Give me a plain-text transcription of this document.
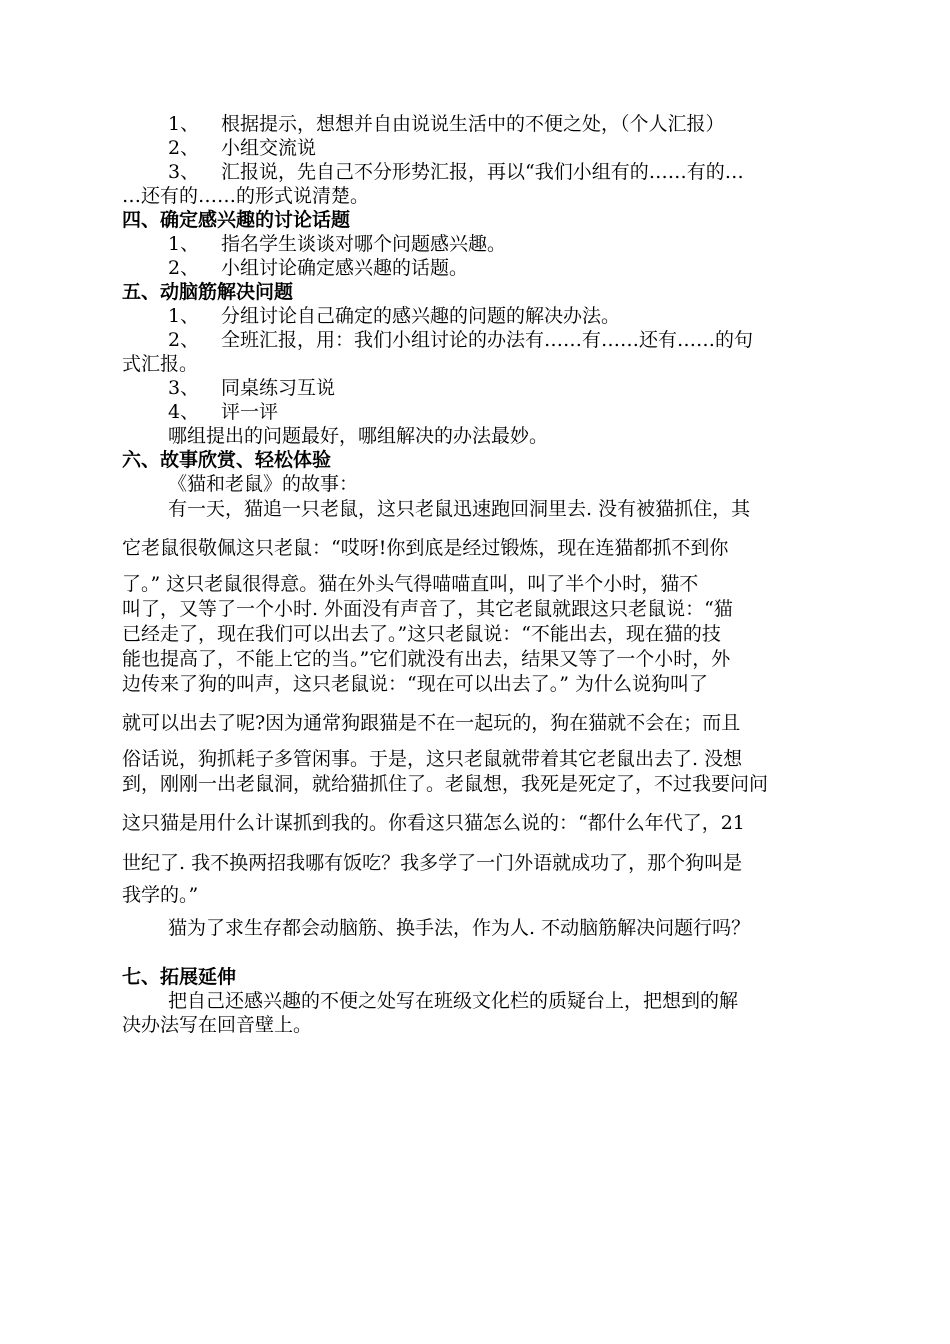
1、	根据提示，想想并自由说说生活中的不便之处，（个人汇报）
2、	小组交流说
3、	汇报说，先自己不分形势汇报，再以“我们小组有的……有的…
…还有的……的形式说清楚。
四、确定感兴趣的讨论话题
1、	指名学生谈谈对哪个问题感兴趣。
2、	小组讨论确定感兴趣的话题。
五、动脑筋解决问题
1、	分组讨论自己确定的感兴趣的问题的解决办法。
2、	全班汇报，用：我们小组讨论的办法有……有……还有……的句
式汇报。
3、	同桌练习互说
4、	评一评
哪组提出的问题最好，哪组解决的办法最妙。
六、故事欣赏、轻松体验
《猫和老鼠》的故事：
有一天，猫追一只老鼠，这只老鼠迅速跑回洞里去. 没有被猫抓住，其
它老鼠很敬佩这只老鼠：“哎呀!你到底是经过锻炼，现在连猫都抓不到你
了。” 这只老鼠很得意。猫在外头气得喵喵直叫，叫了半个小时，猫不
叫了，又等了一个小时. 外面没有声音了，其它老鼠就跟这只老鼠说：“猫
已经走了，现在我们可以出去了。”这只老鼠说：“不能出去，现在猫的技
能也提高了，不能上它的当。”它们就没有出去，结果又等了一个小时，外
边传来了狗的叫声，这只老鼠说：“现在可以出去了。” 为什么说狗叫了
就可以出去了呢?因为通常狗跟猫是不在一起玩的，狗在猫就不会在；而且
俗话说，狗抓耗子多管闲事。于是，这只老鼠就带着其它老鼠出去了. 没想
到，刚刚一出老鼠洞，就给猫抓住了。老鼠想，我死是死定了，不过我要问问
这只猫是用什么计谋抓到我的。你看这只猫怎么说的：“都什么年代了，21
世纪了. 我不换两招我哪有饭吃？我多学了一门外语就成功了，那个狗叫是
我学的。”
猫为了求生存都会动脑筋、换手法，作为人. 不动脑筋解决问题行吗？
七、拓展延伸
把自己还感兴趣的不便之处写在班级文化栏的质疑台上，把想到的解
决办法写在回音壁上。
